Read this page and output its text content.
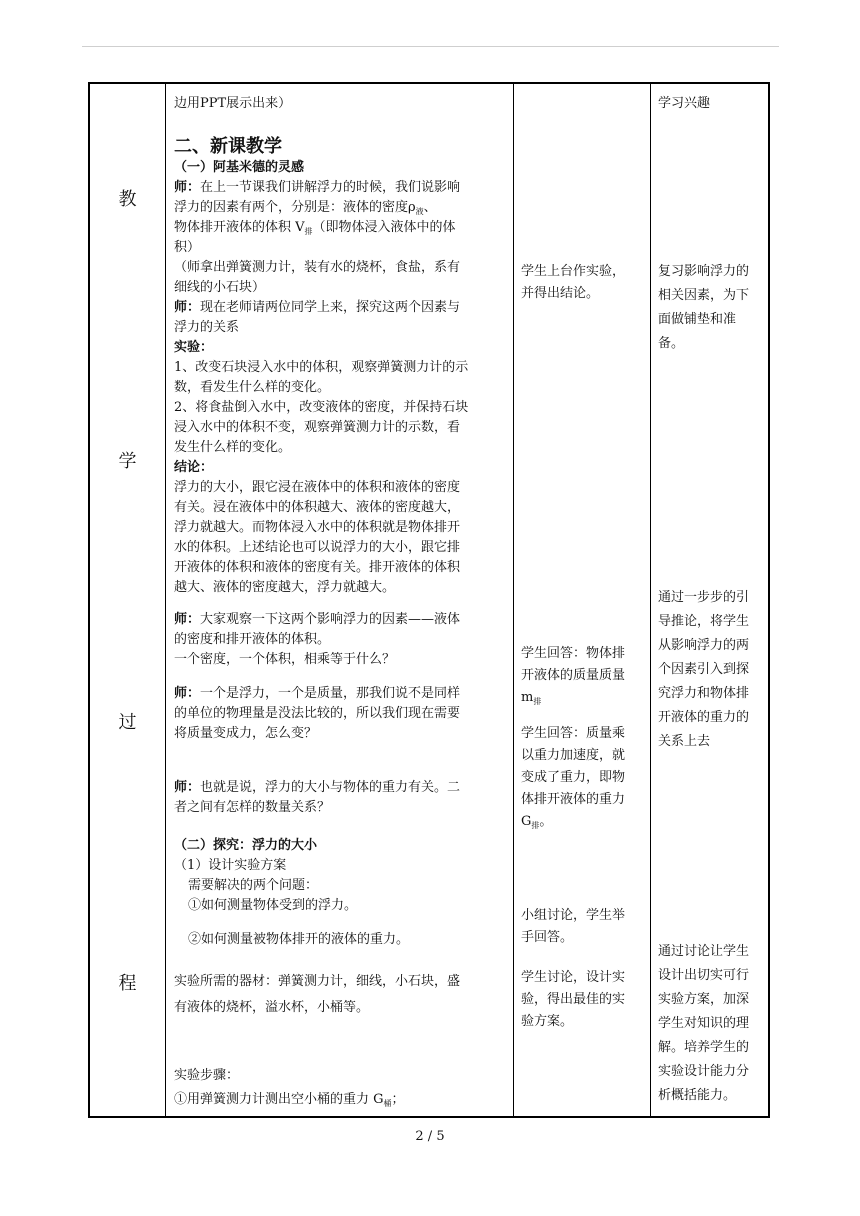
教
学
过
程
边用PPT展示出来）
二、新课教学
（一）阿基米德的灵感
师：在上一节课我们讲解浮力的时候，我们说影响
浮力的因素有两个，分别是：液体的密度$\rho_液$、
物体排开液体的体积 $V_排$（即物体浸入液体中的体
积）
（师拿出弹簧测力计，装有水的烧杯，食盐，系有
细线的小石块）
师：现在老师请两位同学上来，探究这两个因素与
浮力的关系
实验：
1、改变石块浸入水中的体积，观察弹簧测力计的示
数，看发生什么样的变化。
2、将食盐倒入水中，改变液体的密度，并保持石块
浸入水中的体积不变，观察弹簧测力计的示数，看
发生什么样的变化。
结论：
浮力的大小，跟它浸在液体中的体积和液体的密度
有关。浸在液体中的体积越大、液体的密度越大，
浮力就越大。而物体浸入水中的体积就是物体排开
水的体积。上述结论也可以说浮力的大小，跟它排
开液体的体积和液体的密度有关。排开液体的体积
越大、液体的密度越大，浮力就越大。
师：大家观察一下这两个影响浮力的因素——液体
的密度和排开液体的体积。
一个密度，一个体积，相乘等于什么？
师：一个是浮力，一个是质量，那我们说不是同样
的单位的物理量是没法比较的，所以我们现在需要
将质量变成力，怎么变？
师：也就是说，浮力的大小与物体的重力有关。二
者之间有怎样的数量关系？
（二）探究：浮力的大小
（1）设计实验方案
需要解决的两个问题：
①如何测量物体受到的浮力。
②如何测量被物体排开的液体的重力。
实验所需的器材：弹簧测力计，细线，小石块，盛
有液体的烧杯，溢水杯，小桶等。
实验步骤：
①用弹簧测力计测出空小桶的重力 $G_桶$；
学生上台作实验，
并得出结论。
学生回答：物体排
开液体的质量质量
$m_排$
学生回答：质量乘
以重力加速度，就
变成了重力，即物
体排开液体的重力
$G_排$。
小组讨论，学生举
手回答。
学生讨论，设计实
验，得出最佳的实
验方案。
学习兴趣
复习影响浮力的
相关因素，为下
面做铺垫和准
备。
通过一步步的引
导推论，将学生
从影响浮力的两
个因素引入到探
究浮力和物体排
开液体的重力的
关系上去
通过讨论让学生
设计出切实可行
实验方案，加深
学生对知识的理
解。培养学生的
实验设计能力分
析概括能力。
2 / 5
